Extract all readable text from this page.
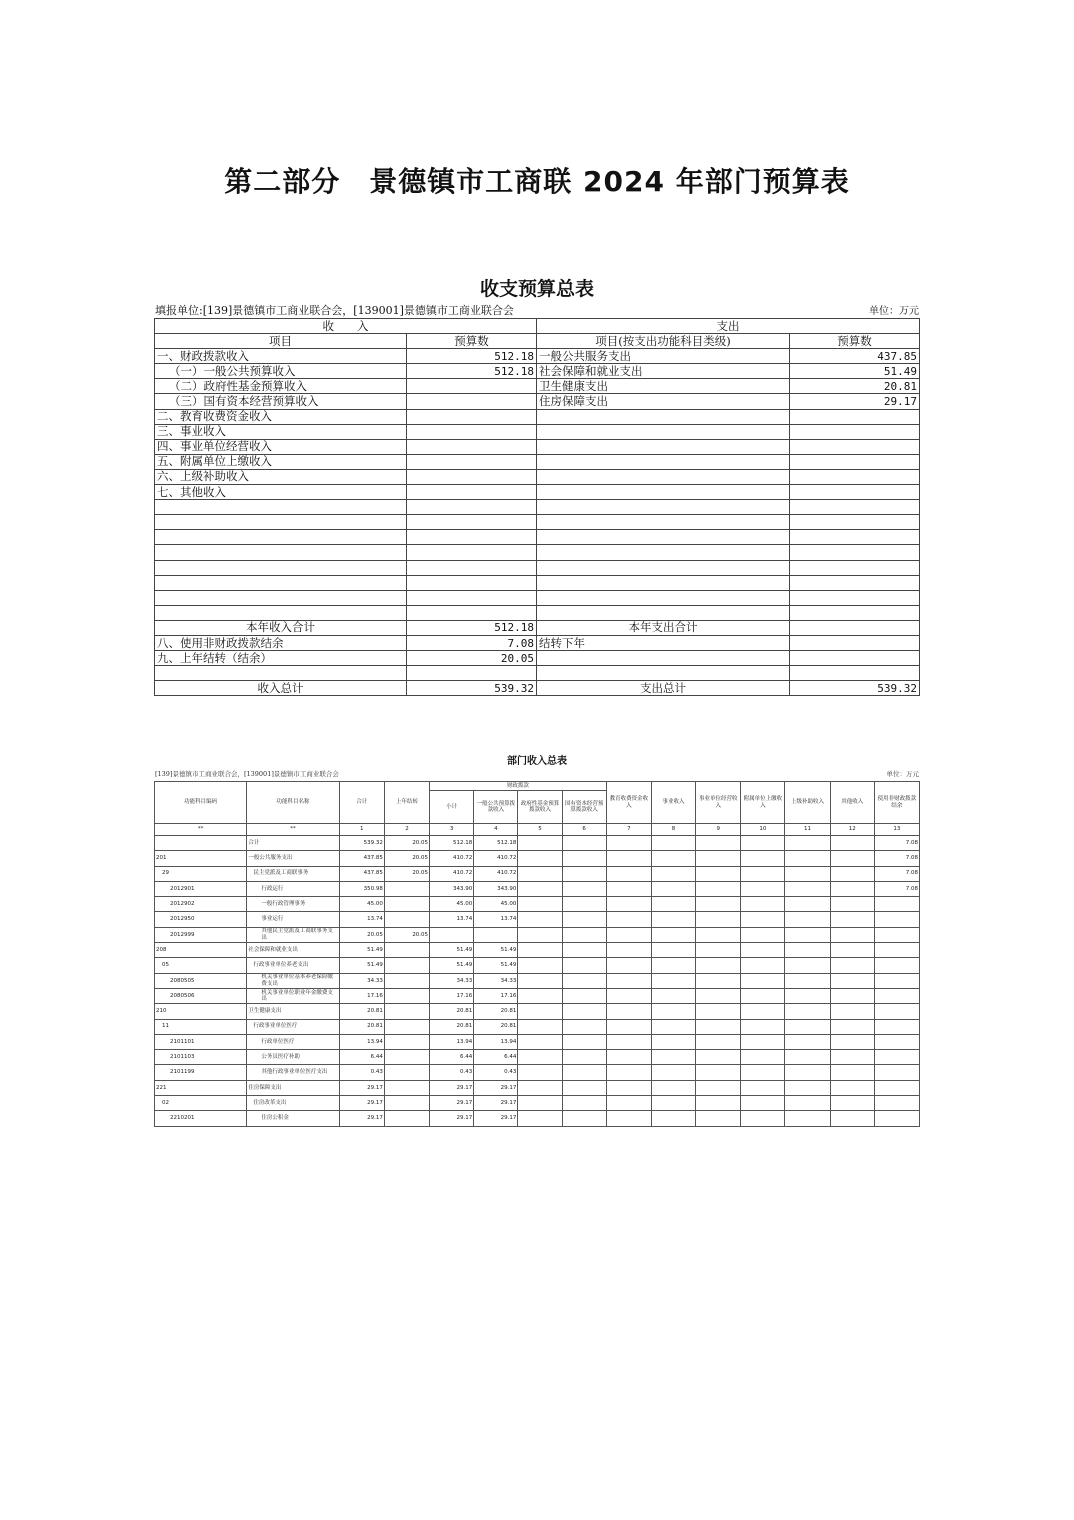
第二部分　景德镇市工商联 2024 年部门预算表
收支预算总表
填报单位:[139]景德镇市工商业联合会，[139001]景德镇市工商业联合会	单位：万元
收　　入		支出	
项目	预算数	项目(按支出功能科目类级)	预算数
一、财政拨款收入	512.18	一般公共服务支出	437.85
（一）一般公共预算收入	512.18	社会保障和就业支出	51.49
（二）政府性基金预算收入		卫生健康支出	20.81
（三）国有资本经营预算收入		住房保障支出	29.17
二、教育收费资金收入			
三、事业收入			
四、事业单位经营收入			
五、附属单位上缴收入			
六、上级补助收入			
七、其他收入			

本年收入合计	512.18	本年支出合计	
八、使用非财政拨款结余	7.08	结转下年	
九、上年结转（结余）	20.05		

收入总计	539.32	支出总计	539.32
部门收入总表
[139]景德镇市工商业联合会，[139001]景德镇市工商业联合会	单位：万元
功能科目编码	功能科目名称	合计	上年结转	财政拨款				教育收费资金收入	事业收入	事业单位经营收入	附属单位上缴收入	上级补助收入	其他收入	使用非财政拨款结余
				小计	一般公共预算拨款收入	政府性基金预算拨款收入	国有资本经营预算拨款收入							
**	**	1	2	3	4	5	6	7	8	9	10	11	12	13
	合计	539.32	20.05	512.18	512.18									7.08
201	一般公共服务支出	437.85	20.05	410.72	410.72									7.08
29	民主党派及工商联事务	437.85	20.05	410.72	410.72									7.08
2012901	行政运行	350.98		343.90	343.90									7.08
2012902	一般行政管理事务	45.00		45.00	45.00									
2012950	事业运行	13.74		13.74	13.74									
2012999	其他民主党派及工商联事务支出	20.05	20.05											
208	社会保障和就业支出	51.49		51.49	51.49									
05	行政事业单位养老支出	51.49		51.49	51.49									
2080505	机关事业单位基本养老保险缴费支出	34.33		34.33	34.33									
2080506	机关事业单位职业年金缴费支出	17.16		17.16	17.16									
210	卫生健康支出	20.81		20.81	20.81									
11	行政事业单位医疗	20.81		20.81	20.81									
2101101	行政单位医疗	13.94		13.94	13.94									
2101103	公务员医疗补助	6.44		6.44	6.44									
2101199	其他行政事业单位医疗支出	0.43		0.43	0.43									
221	住房保障支出	29.17		29.17	29.17									
02	住房改革支出	29.17		29.17	29.17									
2210201	住房公积金	29.17		29.17	29.17									
